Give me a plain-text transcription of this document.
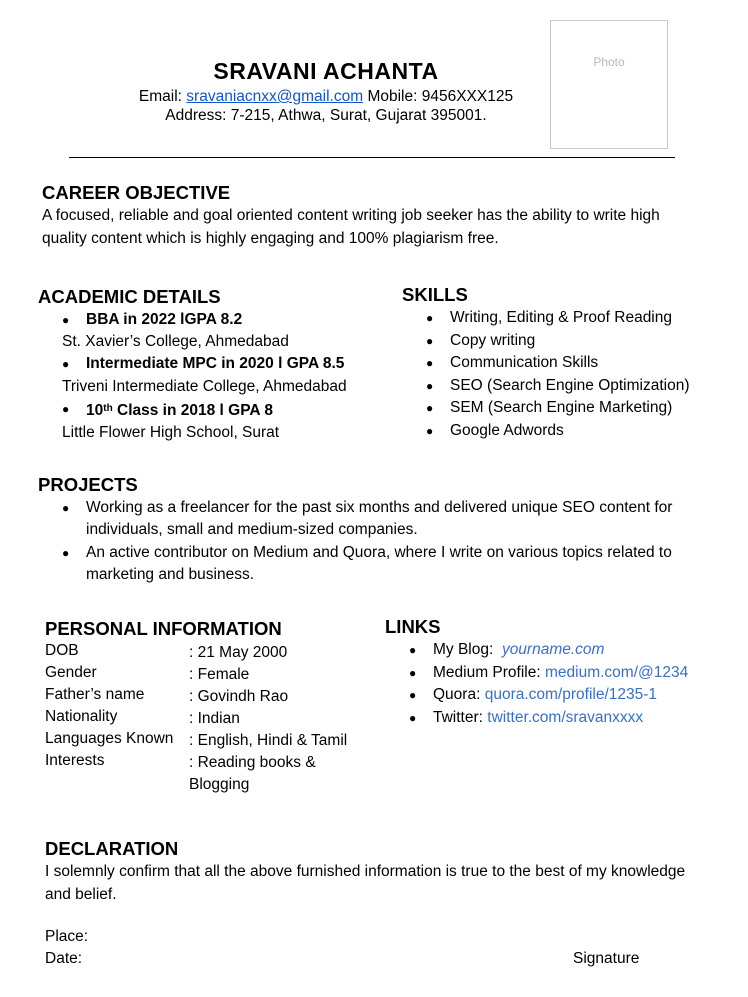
SRAVANI ACHANTA
Email: sravaniacnxx@gmail.com Mobile: 9456XXX125
Address: 7-215, Athwa, Surat, Gujarat 395001.
Photo
CAREER OBJECTIVE
A focused, reliable and goal oriented content writing job seeker has the ability to write high
quality content which is highly engaging and 100% plagiarism free.
ACADEMIC DETAILS
● BBA in 2022 lGPA 8.2
St. Xavier’s College, Ahmedabad
● Intermediate MPC in 2020 l GPA 8.5
Triveni Intermediate College, Ahmedabad
● 10th Class in 2018 l GPA 8
Little Flower High School, Surat
SKILLS
● Writing, Editing & Proof Reading
● Copy writing
● Communication Skills
● SEO (Search Engine Optimization)
● SEM (Search Engine Marketing)
● Google Adwords
PROJECTS
● Working as a freelancer for the past six months and delivered unique SEO content for
individuals, small and medium-sized companies.
● An active contributor on Medium and Quora, where I write on various topics related to
marketing and business.
PERSONAL INFORMATION
DOB	: 21 May 2000
Gender	: Female
Father’s name	: Govindh Rao
Nationality	: Indian
Languages Known : English, Hindi & Tamil
Interests	: Reading books &
Blogging
LINKS
● My Blog: yourname.com
● Medium Profile: medium.com/@1234
● Quora: quora.com/profile/1235-1
● Twitter: twitter.com/sravanxxxx
DECLARATION
I solemnly confirm that all the above furnished information is true to the best of my knowledge
and belief.
Place:
Date:	Signature
